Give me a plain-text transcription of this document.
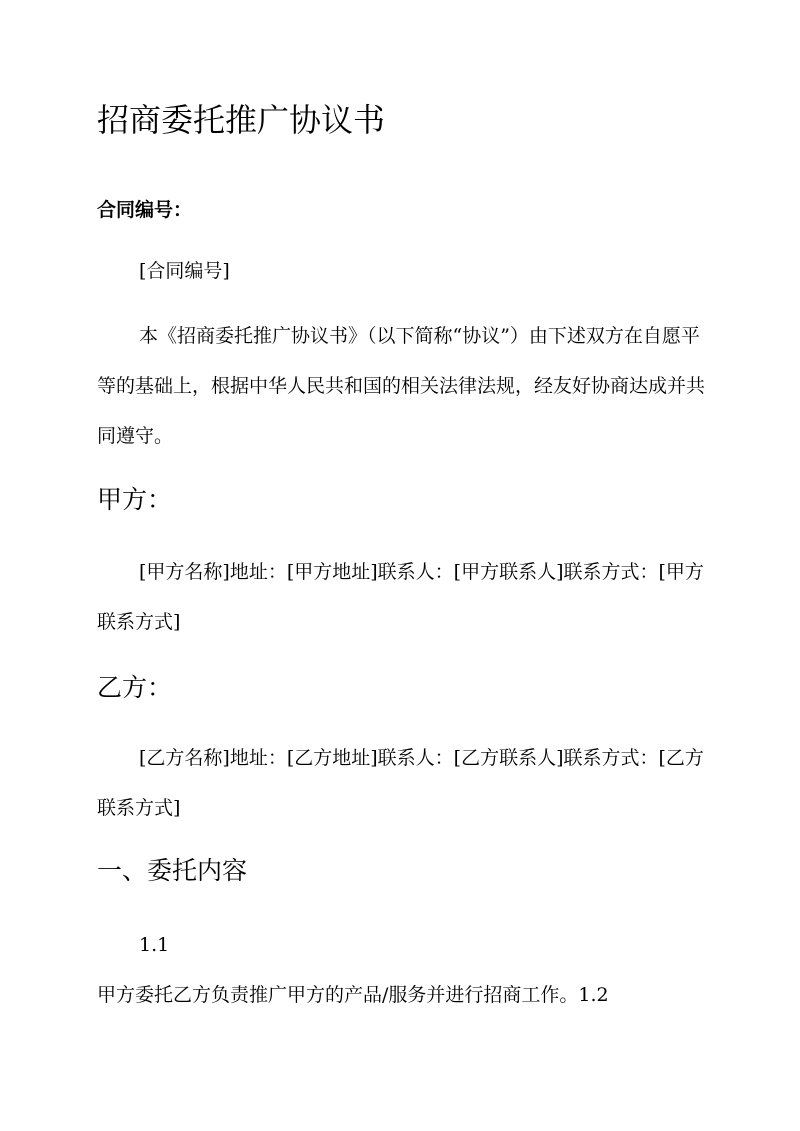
招商委托推广协议书
合同编号：
[合同编号]
本《招商委托推广协议书》（以下简称“协议”）由下述双方在自愿平等的基础上，根据中华人民共和国的相关法律法规，经友好协商达成并共同遵守。
甲方：
[甲方名称]地址：[甲方地址]联系人：[甲方联系人]联系方式：[甲方联系方式]
乙方：
[乙方名称]地址：[乙方地址]联系人：[乙方联系人]联系方式：[乙方联系方式]
一、委托内容
1.1
甲方委托乙方负责推广甲方的产品/服务并进行招商工作。1.2
